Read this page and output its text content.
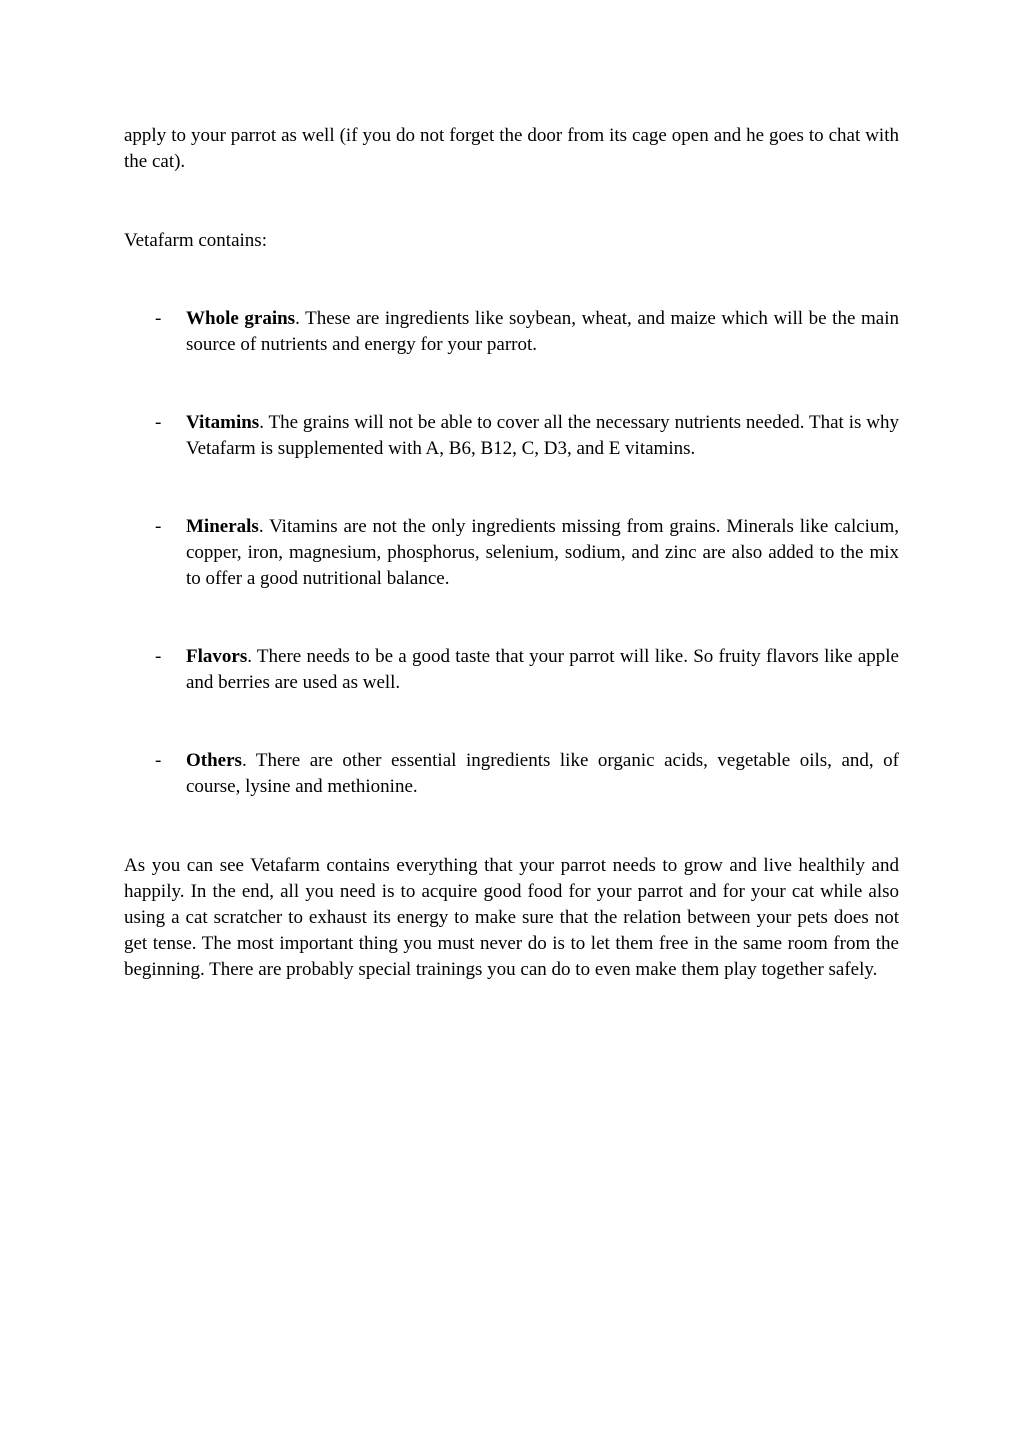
apply to your parrot as well (if you do not forget the door from its cage open and he goes to chat with the cat).

Vetafarm contains:

- Whole grains. These are ingredients like soybean, wheat, and maize which will be the main source of nutrients and energy for your parrot.

- Vitamins. The grains will not be able to cover all the necessary nutrients needed. That is why Vetafarm is supplemented with A, B6, B12, C, D3, and E vitamins.

- Minerals. Vitamins are not the only ingredients missing from grains. Minerals like calcium, copper, iron, magnesium, phosphorus, selenium, sodium, and zinc are also added to the mix to offer a good nutritional balance.

- Flavors. There needs to be a good taste that your parrot will like. So fruity flavors like apple and berries are used as well.

- Others. There are other essential ingredients like organic acids, vegetable oils, and, of course, lysine and methionine.

As you can see Vetafarm contains everything that your parrot needs to grow and live healthily and happily. In the end, all you need is to acquire good food for your parrot and for your cat while also using a cat scratcher to exhaust its energy to make sure that the relation between your pets does not get tense. The most important thing you must never do is to let them free in the same room from the beginning. There are probably special trainings you can do to even make them play together safely.
